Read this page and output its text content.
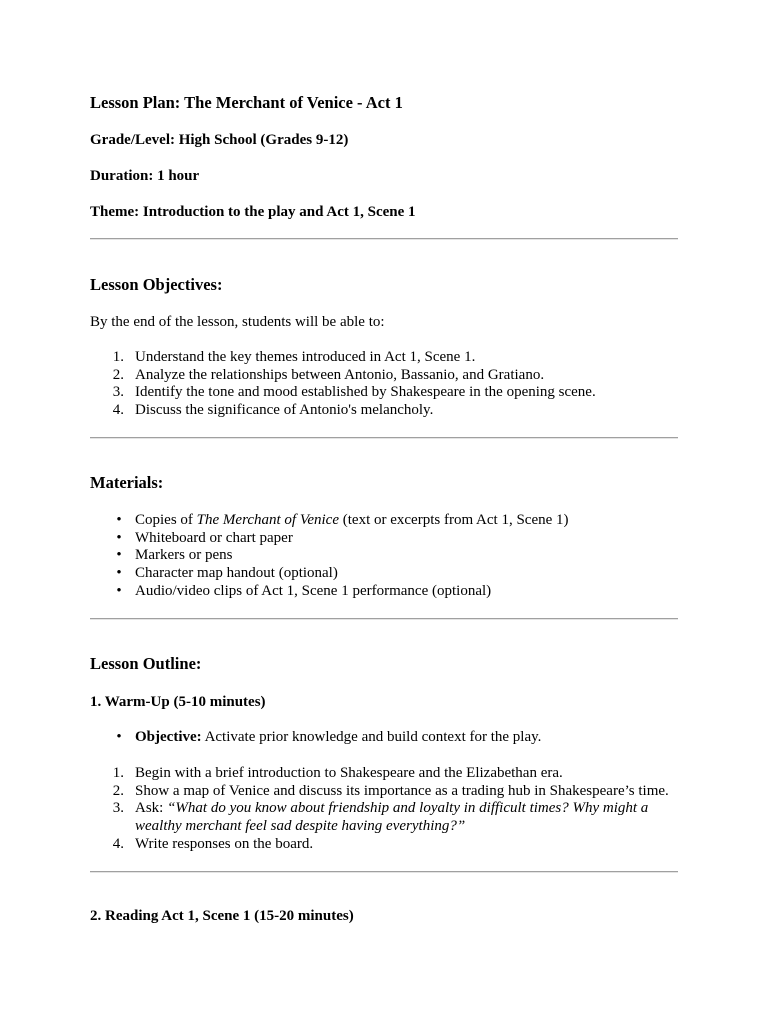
Lesson Plan: The Merchant of Venice - Act 1
Grade/Level: High School (Grades 9-12)
Duration: 1 hour
Theme: Introduction to the play and Act 1, Scene 1
Lesson Objectives:
By the end of the lesson, students will be able to:
1. Understand the key themes introduced in Act 1, Scene 1.
2. Analyze the relationships between Antonio, Bassanio, and Gratiano.
3. Identify the tone and mood established by Shakespeare in the opening scene.
4. Discuss the significance of Antonio's melancholy.
Materials:
• Copies of The Merchant of Venice (text or excerpts from Act 1, Scene 1)
• Whiteboard or chart paper
• Markers or pens
• Character map handout (optional)
• Audio/video clips of Act 1, Scene 1 performance (optional)
Lesson Outline:
1. Warm-Up (5-10 minutes)
• Objective: Activate prior knowledge and build context for the play.
1. Begin with a brief introduction to Shakespeare and the Elizabethan era.
2. Show a map of Venice and discuss its importance as a trading hub in Shakespeare’s time.
3. Ask: “What do you know about friendship and loyalty in difficult times? Why might a wealthy merchant feel sad despite having everything?”
4. Write responses on the board.
2. Reading Act 1, Scene 1 (15-20 minutes)
